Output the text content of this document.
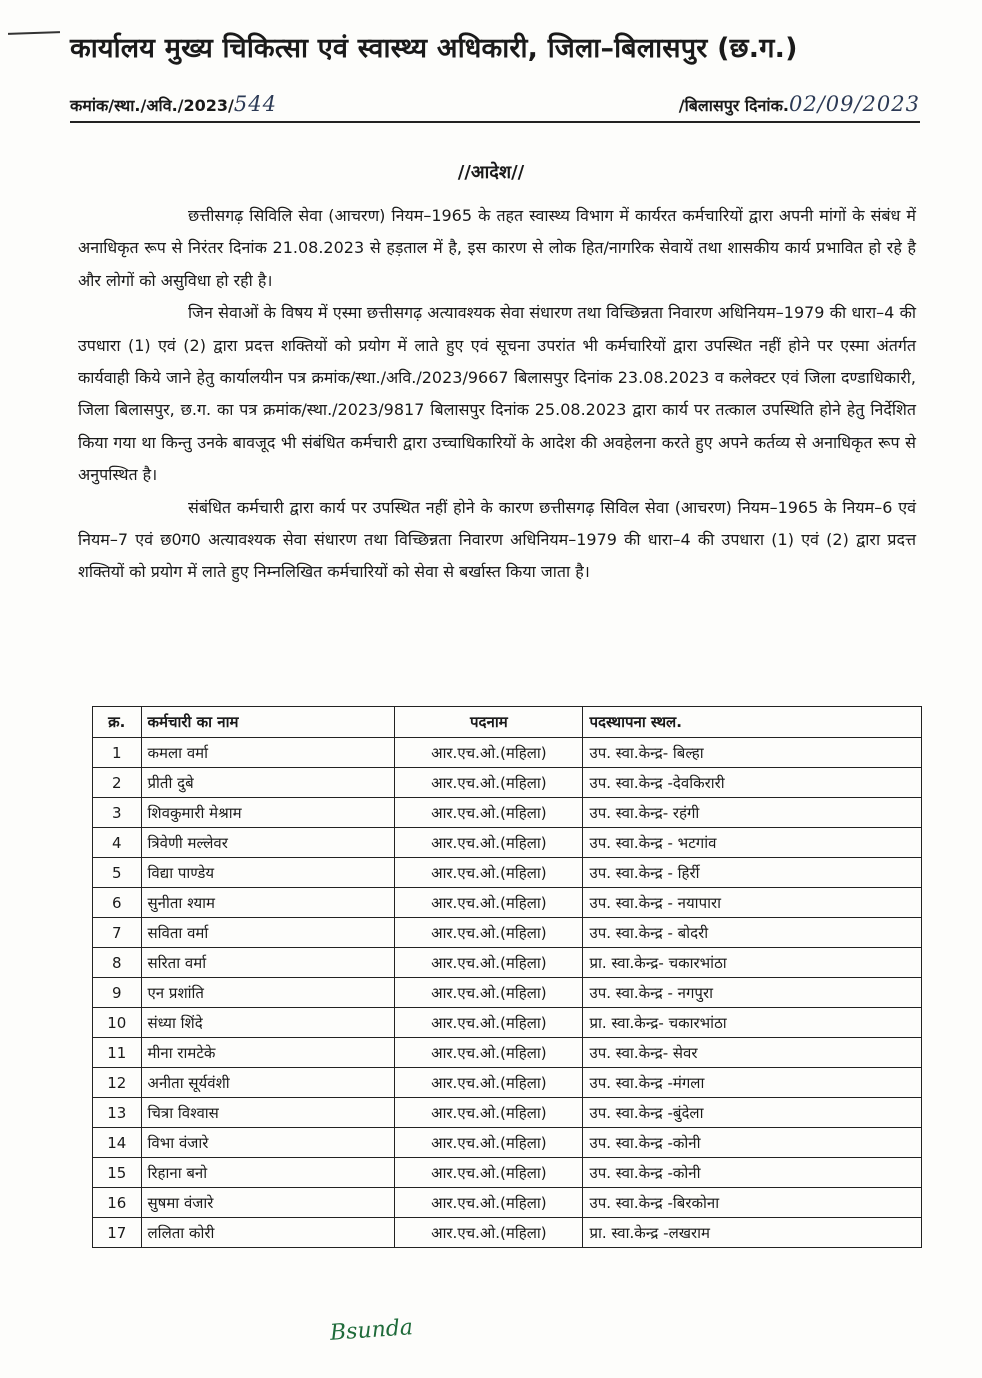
कार्यालय मुख्य चिकित्सा एवं स्वास्थ्य अधिकारी, जिला–बिलासपुर (छ.ग.)
कमांक/स्था./अवि./2023/544	/बिलासपुर दिनांक.02/09/2023
//आदेश//

छत्तीसगढ़ सिविलि सेवा (आचरण) नियम–1965 के तहत स्वास्थ्य विभाग में कार्यरत कर्मचारियों द्वारा अपनी मांगों के संबंध में अनाधिकृत रूप से निरंतर दिनांक 21.08.2023 से हड़ताल में है, इस कारण से लोक हित/नागरिक सेवायें तथा शासकीय कार्य प्रभावित हो रहे है और लोगों को असुविधा हो रही है।

जिन सेवाओं के विषय में एस्मा छत्तीसगढ़ अत्यावश्यक सेवा संधारण तथा विच्छिन्नता निवारण अधिनियम–1979 की धारा–4 की उपधारा (1) एवं (2) द्वारा प्रदत्त शक्तियों को प्रयोग में लाते हुए एवं सूचना उपरांत भी कर्मचारियों द्वारा उपस्थित नहीं होने पर एस्मा अंतर्गत कार्यवाही किये जाने हेतु कार्यालयीन पत्र क्रमांक/स्था./अवि./2023/9667 बिलासपुर दिनांक 23.08.2023 व कलेक्टर एवं जिला दण्डाधिकारी, जिला बिलासपुर, छ.ग. का पत्र क्रमांक/स्था./2023/9817 बिलासपुर दिनांक 25.08.2023 द्वारा कार्य पर तत्काल उपस्थिति होने हेतु निर्देशित किया गया था किन्तु उनके बावजूद भी संबंधित कर्मचारी द्वारा उच्चाधिकारियों के आदेश की अवहेलना करते हुए अपने कर्तव्य से अनाधिकृत रूप से अनुपस्थित है।

संबंधित कर्मचारी द्वारा कार्य पर उपस्थित नहीं होने के कारण छत्तीसगढ़ सिविल सेवा (आचरण) नियम–1965 के नियम–6 एवं नियम–7 एवं छ0ग0 अत्यावश्यक सेवा संधारण तथा विच्छिन्नता निवारण अधिनियम–1979 की धारा–4 की उपधारा (1) एवं (2) द्वारा प्रदत्त शक्तियों को प्रयोग में लाते हुए निम्नलिखित कर्मचारियों को सेवा से बर्खास्त किया जाता है।

क्र.	कर्मचारी का नाम	पदनाम	पदस्थापना स्थल.
1	कमला वर्मा	आर.एच.ओ.(महिला)	उप. स्वा.केन्द्र- बिल्हा
2	प्रीती दुबे	आर.एच.ओ.(महिला)	उप. स्वा.केन्द्र -देवकिरारी
3	शिवकुमारी मेश्राम	आर.एच.ओ.(महिला)	उप. स्वा.केन्द्र- रहंगी
4	त्रिवेणी मल्लेवर	आर.एच.ओ.(महिला)	उप. स्वा.केन्द्र - भटगांव
5	विद्या पाण्डेय	आर.एच.ओ.(महिला)	उप. स्वा.केन्द्र - हिर्री
6	सुनीता श्याम	आर.एच.ओ.(महिला)	उप. स्वा.केन्द्र - नयापारा
7	सविता वर्मा	आर.एच.ओ.(महिला)	उप. स्वा.केन्द्र - बोदरी
8	सरिता वर्मा	आर.एच.ओ.(महिला)	प्रा. स्वा.केन्द्र- चकारभांठा
9	एन प्रशांति	आर.एच.ओ.(महिला)	उप. स्वा.केन्द्र - नगपुरा
10	संध्या शिंदे	आर.एच.ओ.(महिला)	प्रा. स्वा.केन्द्र- चकारभांठा
11	मीना रामटेके	आर.एच.ओ.(महिला)	उप. स्वा.केन्द्र- सेवर
12	अनीता सूर्यवंशी	आर.एच.ओ.(महिला)	उप. स्वा.केन्द्र -मंगला
13	चित्रा विश्वास	आर.एच.ओ.(महिला)	उप. स्वा.केन्द्र -बुंदेला
14	विभा वंजारे	आर.एच.ओ.(महिला)	उप. स्वा.केन्द्र -कोनी
15	रिहाना बनो	आर.एच.ओ.(महिला)	उप. स्वा.केन्द्र -कोनी
16	सुषमा वंजारे	आर.एच.ओ.(महिला)	उप. स्वा.केन्द्र -बिरकोना
17	ललिता कोरी	आर.एच.ओ.(महिला)	प्रा. स्वा.केन्द्र -लखराम
Bsunda
